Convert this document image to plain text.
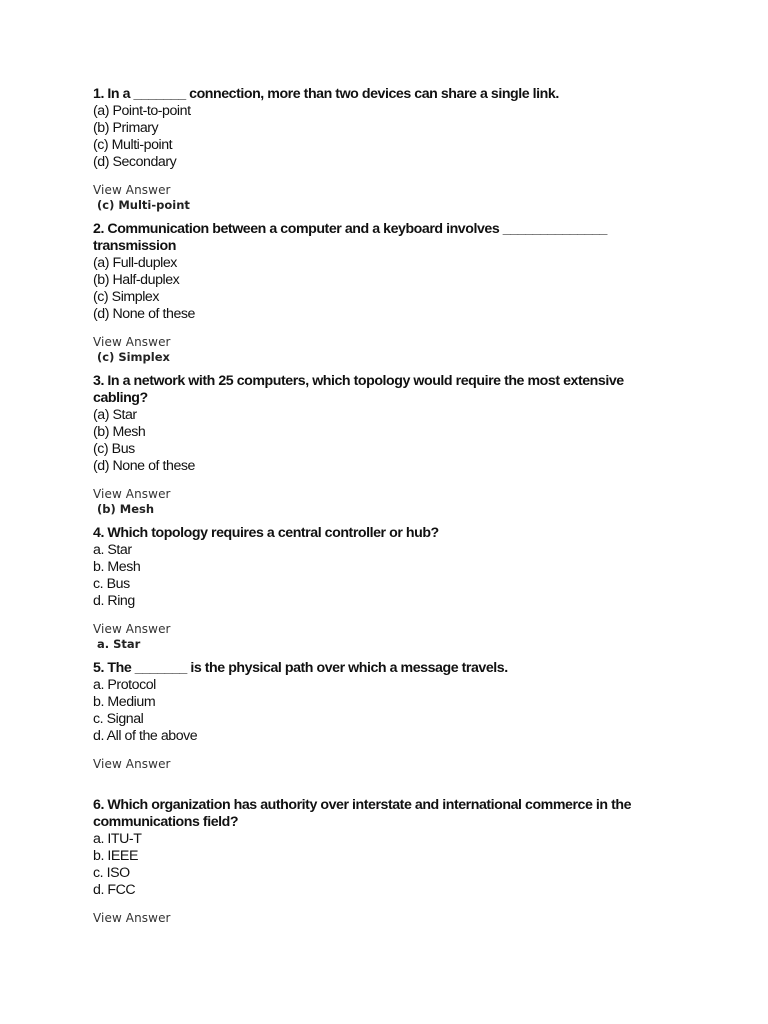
1. In a _______ connection, more than two devices can share a single link.
(a) Point-to-point
(b) Primary
(c) Multi-point
(d) Secondary
View Answer
(c) Multi-point
2. Communication between a computer and a keyboard involves ______________ transmission
(a) Full-duplex
(b) Half-duplex
(c) Simplex
(d) None of these
View Answer
(c) Simplex
3. In a network with 25 computers, which topology would require the most extensive cabling?
(a) Star
(b) Mesh
(c) Bus
(d) None of these
View Answer
(b) Mesh
4. Which topology requires a central controller or hub?
a. Star
b. Mesh
c. Bus
d. Ring
View Answer
a. Star
5. The _______ is the physical path over which a message travels.
a. Protocol
b. Medium
c. Signal
d. All of the above
View Answer
6. Which organization has authority over interstate and international commerce in the communications field?
a. ITU-T
b. IEEE
c. ISO
d. FCC
View Answer
